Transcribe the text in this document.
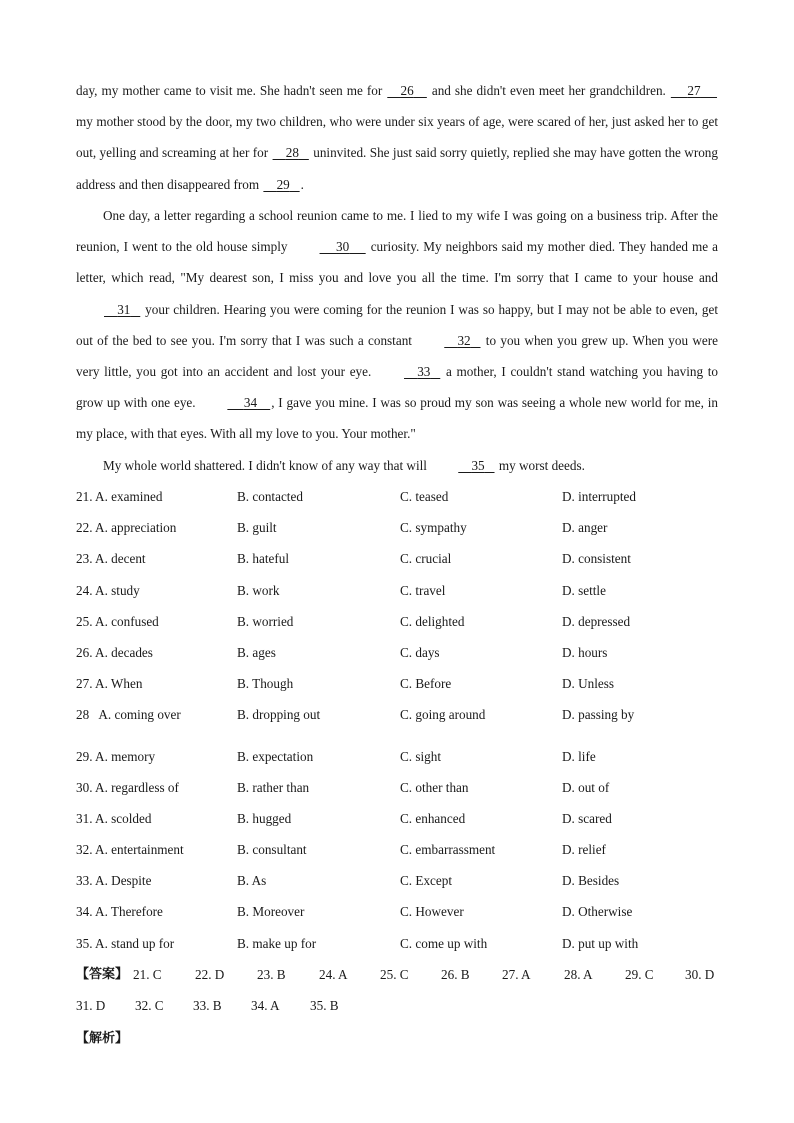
day, my mother came to visit me. She hadn't seen me for     26     and she didn't even meet her grandchildren.      27      my mother stood by the door, my two children, who were under six years of age, were scared of her, just asked her to get out, yelling and screaming at her for     28    uninvited. She just said sorry quietly, replied she may have gotten the wrong address and then disappeared from     29 .

One day, a letter regarding a school reunion came to me. I lied to my wife I was going on a business trip. After the reunion, I went to the old house simply	30      curiosity. My neighbors said my mother died. They handed me a letter, which read, "My dearest son, I miss you and love you all the time. I'm sorry that I came to your house and     31    your children. Hearing you were coming for the reunion I was so happy, but I may not be able to even, get out of the bed to see you. I'm sorry that I was such a constant	32    to you when you grew up. When you were very little, you got into an accident and lost your eye.	33    a mother, I couldn't stand watching you having to grow up with one eye.	34 , I gave you mine. I was so proud my son was seeing a whole new world for me, in my place, with that eyes. With all my love to you. Your mother."

My whole world shattered. I didn't know of any way that will	35    my worst deeds.

21. A. examined	B. contacted	C. teased	D. interrupted
22. A. appreciation	B. guilt	C. sympathy	D. anger
23. A. decent	B. hateful	C. crucial	D. consistent
24. A. study	B. work	C. travel	D. settle
25. A. confused	B. worried	C. delighted	D. depressed
26. A. decades	B. ages	C. days	D. hours
27. A. When	B. Though	C. Before	D. Unless
28   A. coming over	B. dropping out	C. going around	D. passing by
29. A. memory	B. expectation	C. sight	D. life
30. A. regardless of	B. rather than	C. other than	D. out of
31. A. scolded	B. hugged	C. enhanced	D. scared
32. A. entertainment	B. consultant	C. embarrassment	D. relief
33. A. Despite	B. As	C. Except	D. Besides
34. A. Therefore	B. Moreover	C. However	D. Otherwise
35. A. stand up for	B. make up for	C. come up with	D. put up with
【答案】 21. C	22. D 23. B	24. A 25. C 26. B 27. A	28. A 29. C 30. D
31. D 32. C 33. B 34. A 35. B
【解析】
